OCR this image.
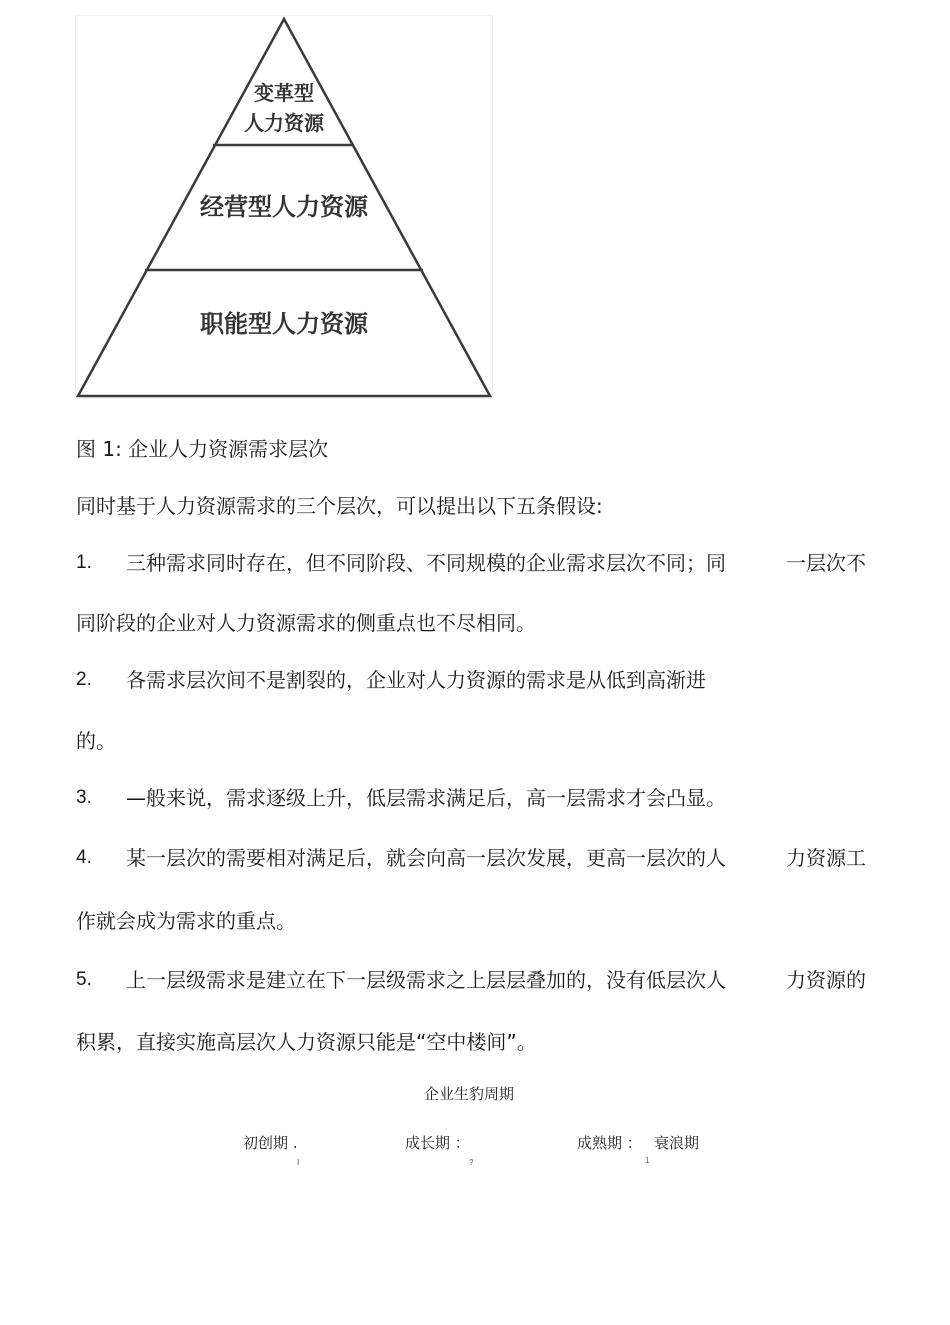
变革型
人力资源
经营型人力资源
职能型人力资源
图 1: 企业人力资源需求层次
同时基于人力资源需求的三个层次，可以提出以下五条假设:
1. 三种需求同时存在，但不同阶段、不同规模的企业需求层次不同；同	一层次不
同阶段的企业对人力资源需求的侧重点也不尽相同。
2. 各需求层次间不是割裂的，企业对人力资源的需求是从低到高渐进
的。
3. —般来说，需求逐级上升，低层需求满足后，高一层需求才会凸显。
4. 某一层次的需要相对满足后，就会向高一层次发展，更高一层次的人	力资源工
作就会成为需求的重点。
5. 上一层级需求是建立在下一层级需求之上层层叠加的，没有低层次人	力资源的
积累，直接实施高层次人力资源只能是“空中楼间”。
企业生豹周期
初创期 .	成长期 ：	成熟期 ： 衰浪期
I	?	1
